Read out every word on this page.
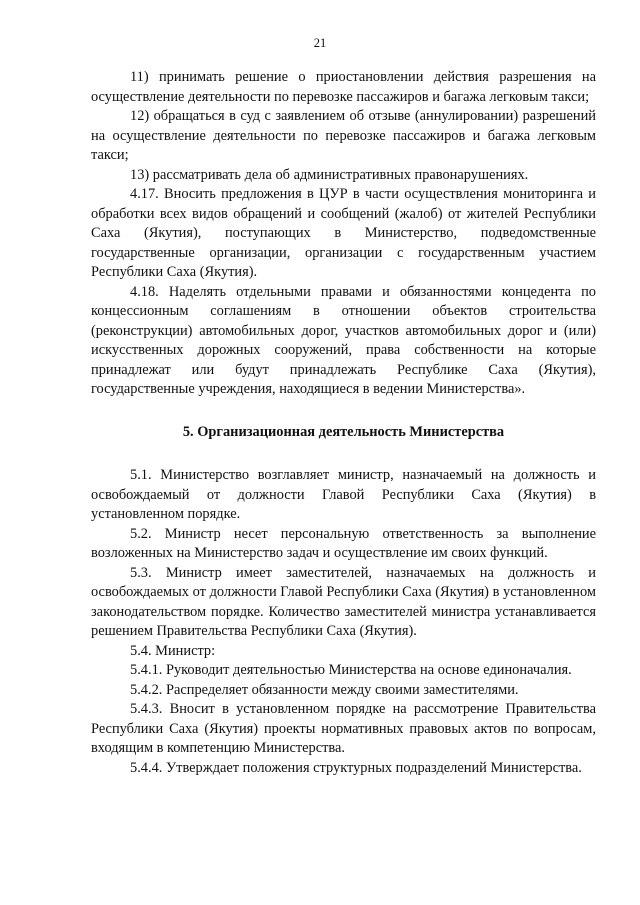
21

11) принимать решение о приостановлении действия разрешения на осуществление деятельности по перевозке пассажиров и багажа легковым такси;

12) обращаться в суд с заявлением об отзыве (аннулировании) разрешений на осуществление деятельности по перевозке пассажиров и багажа легковым такси;

13) рассматривать дела об административных правонарушениях.

4.17. Вносить предложения в ЦУР в части осуществления мониторинга и обработки всех видов обращений и сообщений (жалоб) от жителей Республики Саха (Якутия), поступающих в Министерство, подведомственные государственные организации, организации с государственным участием Республики Саха (Якутия).

4.18. Наделять отдельными правами и обязанностями концедента по концессионным соглашениям в отношении объектов строительства (реконструкции) автомобильных дорог, участков автомобильных дорог и (или) искусственных дорожных сооружений, права собственности на которые принадлежат или будут принадлежать Республике Саха (Якутия), государственные учреждения, находящиеся в ведении Министерства».

5. Организационная деятельность Министерства

5.1. Министерство возглавляет министр, назначаемый на должность и освобождаемый от должности Главой Республики Саха (Якутия) в установленном порядке.

5.2. Министр несет персональную ответственность за выполнение возложенных на Министерство задач и осуществление им своих функций.

5.3. Министр имеет заместителей, назначаемых на должность и освобождаемых от должности Главой Республики Саха (Якутия) в установленном законодательством порядке. Количество заместителей министра устанавливается решением Правительства Республики Саха (Якутия).

5.4. Министр:

5.4.1. Руководит деятельностью Министерства на основе единоначалия.

5.4.2. Распределяет обязанности между своими заместителями.

5.4.3. Вносит в установленном порядке на рассмотрение Правительства Республики Саха (Якутия) проекты нормативных правовых актов по вопросам, входящим в компетенцию Министерства.

5.4.4. Утверждает положения структурных подразделений Министерства.
